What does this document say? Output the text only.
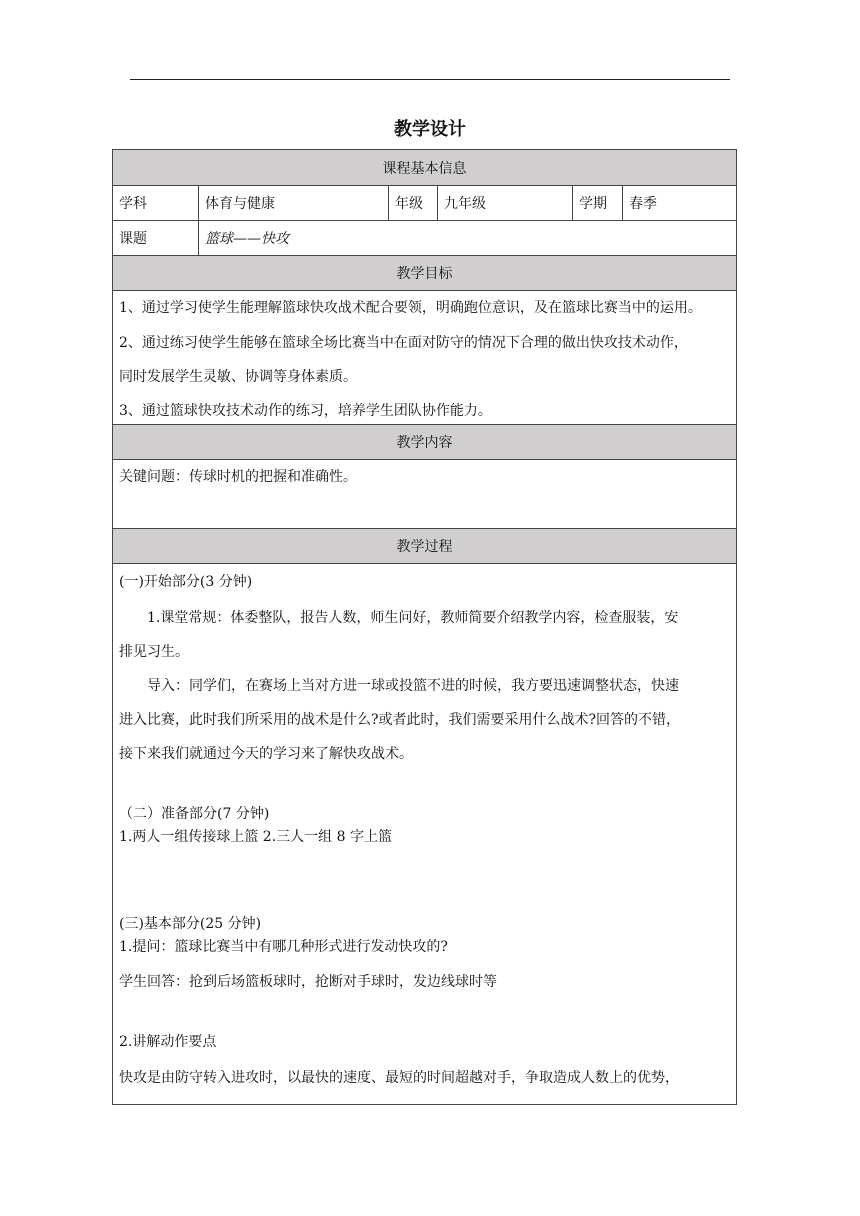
教学设计
课程基本信息
学科	体育与健康	年级	九年级	学期	春季
课题	篮球——快攻
教学目标

1、通过学习使学生能理解篮球快攻战术配合要领，明确跑位意识，及在篮球比赛当中的运用。

2、通过练习使学生能够在篮球全场比赛当中在面对防守的情况下合理的做出快攻技术动作，

同时发展学生灵敏、协调等身体素质。

3、通过篮球快攻技术动作的练习，培养学生团队协作能力。

教学内容

关键问题：传球时机的把握和准确性。

教学过程

(一)开始部分(3 分钟)

1.课堂常规：体委整队，报告人数，师生问好，教师简要介绍教学内容，检查服装，安

排见习生。

导入：同学们，在赛场上当对方进一球或投篮不进的时候，我方要迅速调整状态，快速

进入比赛，此时我们所采用的战术是什么?或者此时，我们需要采用什么战术?回答的不错，

接下来我们就通过今天的学习来了解快攻战术。

（二）准备部分(7 分钟)

1.两人一组传接球上篮 2.三人一组 8 字上篮

(三)基本部分(25 分钟)

1.提问：篮球比赛当中有哪几种形式进行发动快攻的?

学生回答：抢到后场篮板球时，抢断对手球时，发边线球时等

2.讲解动作要点

快攻是由防守转入进攻时，以最快的速度、最短的时间超越对手，争取造成人数上的优势，
